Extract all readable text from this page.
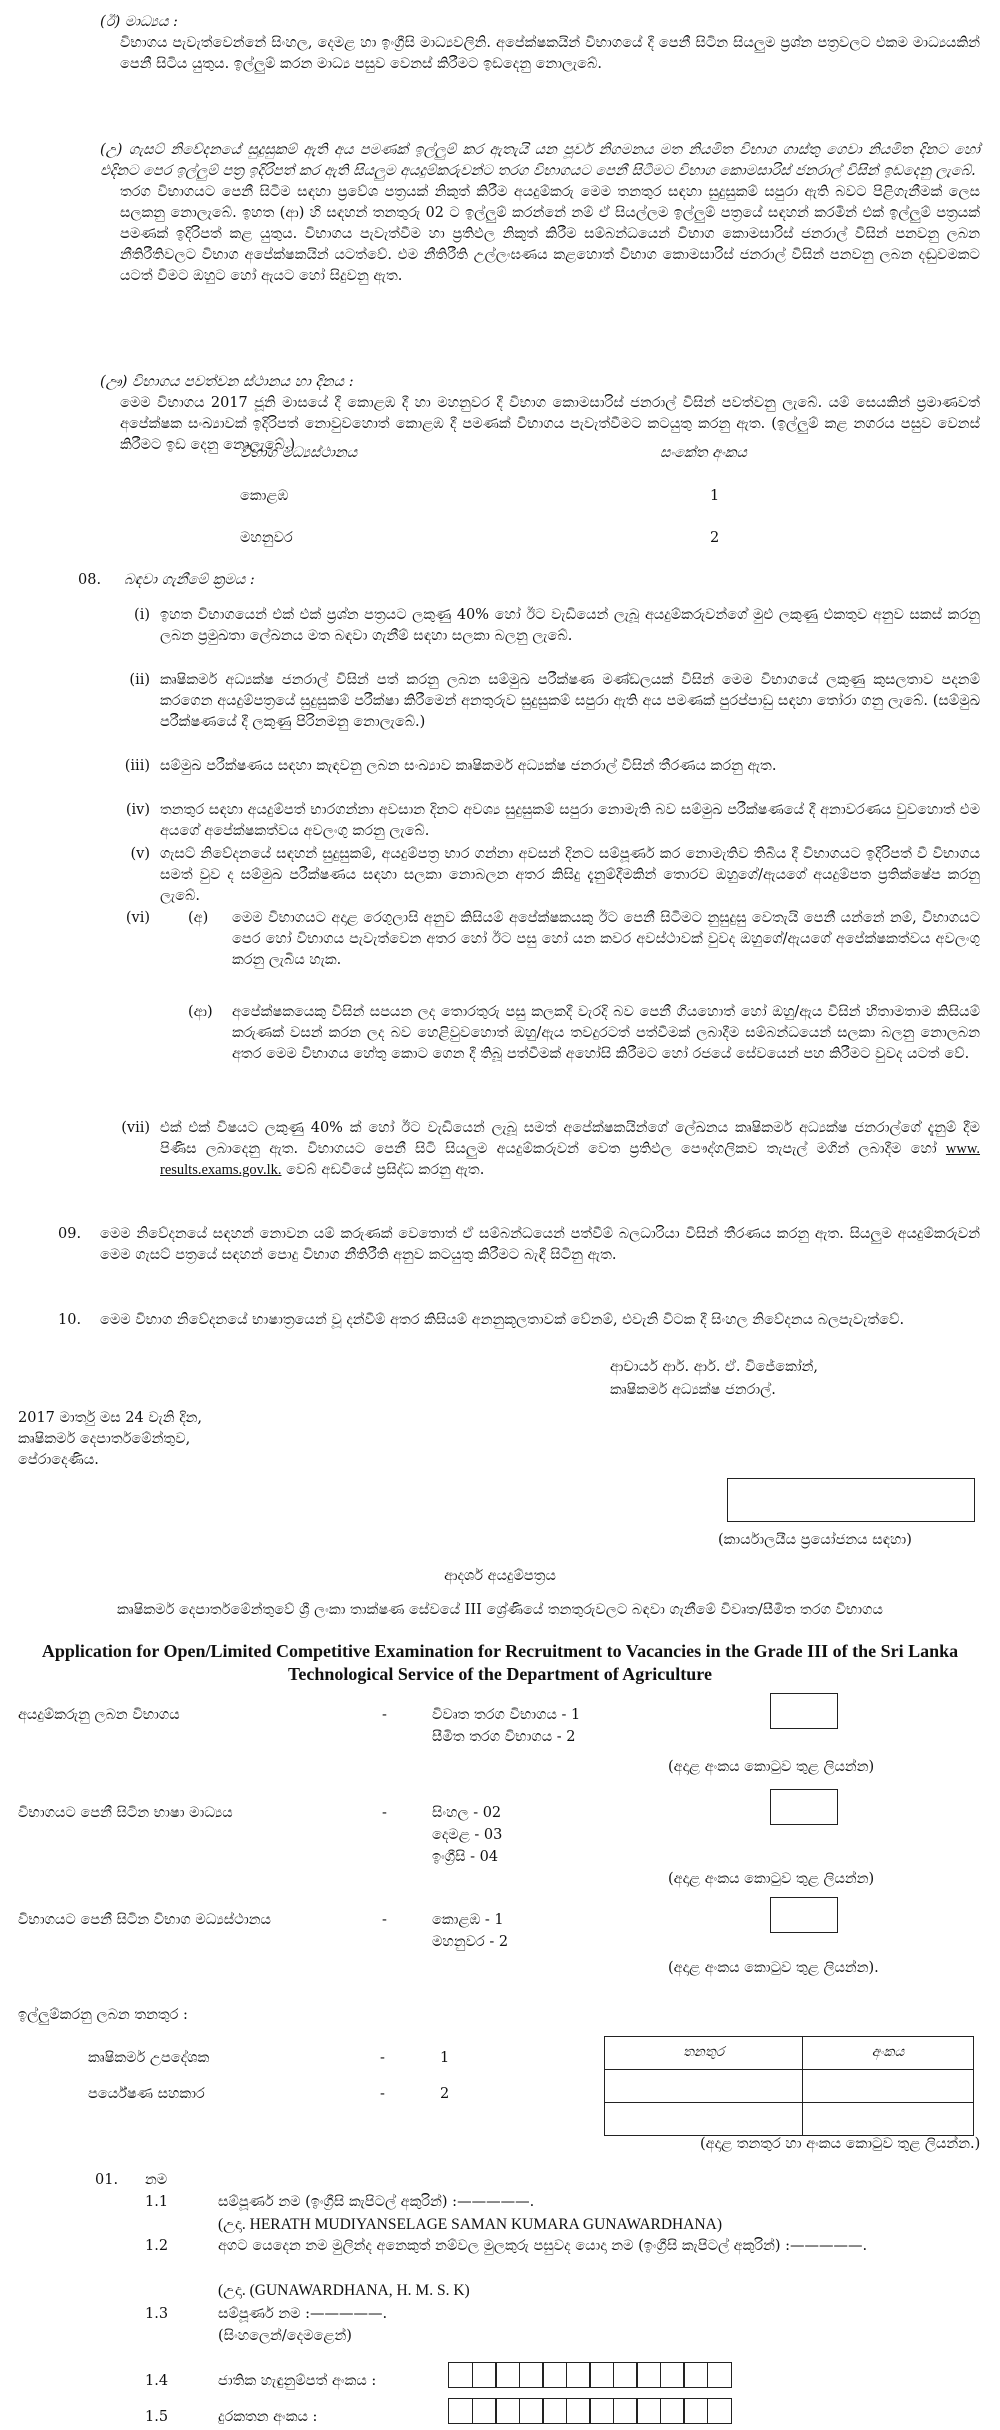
(ඊ) මාධ්‍යය :
විභාගය පැවැත්වෙන්නේ සිංහල, දෙමළ හා ඉංග්‍රීසි මාධ්‍යවලිනි. අපේක්ෂකයින් විභාගයේ දී පෙනී සිටින සියලුම ප්‍රශ්න පත්‍රවලට එකම මාධ්‍යයකින් පෙනී සිටිය යුතුය. ඉල්ලුම් කරන මාධ්‍ය පසුව වෙනස් කිරීමට ඉඩදෙනු නොලැබේ.
(උ) ගැසට් නිවේදනයේ සුදුසුකම් ඇති අය පමණක් ඉල්ලුම් කර ඇතැයි යන පූර්ව නිගමනය මත නියමිත විභාග ගාස්තු ගෙවා නියමිත දිනට හෝ එදිනට පෙර ඉල්ලුම් පත්‍ර ඉදිරිපත් කර ඇති සියලුම අයදුම්කරුවන්ට තරග විභාගයට පෙනී සිටීමට විභාග කොමසාරිස් ජනරාල් විසින් ඉඩදෙනු ලැබේ.
තරග විභාගයට පෙනී සිටීම සඳහා ප්‍රවේශ පත්‍රයක් නිකුත් කිරීම අයදුම්කරු මෙම තනතුර සඳහා සුදුසුකම් සපුරා ඇති බවට පිළිගැනීමක් ලෙස සලකනු නොලැබේ. ඉහත (ආ) හි සඳහන් තනතුරු 02 ට ඉල්ලුම් කරන්නේ නම් ඒ සියල්ලම ඉල්ලුම් පත්‍රයේ සඳහන් කරමින් එක් ඉල්ලුම් පත්‍රයක් පමණක් ඉදිරිපත් කළ යුතුය. විභාගය පැවැත්වීම හා ප්‍රතිඵල නිකුත් කිරීම සම්බන්ධයෙන් විභාග කොමසාරිස් ජනරාල් විසින් පනවනු ලබන නීතිරීතිවලට විභාග අපේක්ෂකයින් යටත්වේ. එම නීතිරීති උල්ලංඝණය කළහොත් විභාග කොමසාරිස් ජනරාල් විසින් පනවනු ලබන දඬුවමකට යටත් වීමට ඔහුට හෝ ඇයට හෝ සිදුවනු ඇත.
(ඌ) විභාගය පවත්වන ස්ථානය හා දිනය :
මෙම විභාගය 2017 ජූනි මාසයේ දී කොළඹ දී හා මහනුවර දී විභාග කොමසාරිස් ජනරාල් විසින් පවත්වනු ලැබේ. යම් සෙයකින් ප්‍රමාණවත් අපේක්ෂක සංඛ්‍යාවක් ඉදිරිපත් නොවුවහොත් කොළඹ දී පමණක් විභාගය පැවැත්වීමට කටයුතු කරනු ඇත. (ඉල්ලුම් කළ නගරය පසුව වෙනස් කිරීමට ඉඩ දෙනු නොලැබේ.)
විභාග මධ්‍යස්ථානය	සංකේත අංකය
කොළඹ	1
මහනුවර	2
08. බඳවා ගැනීමේ ක්‍රමය :
(i) ඉහත විභාගයෙන් එක් එක් ප්‍රශ්න පත්‍රයට ලකුණු 40% හෝ ඊට වැඩියෙන් ලැබූ අයදුම්කරුවන්ගේ මුළු ලකුණු එකතුව අනුව සකස් කරනු ලබන ප්‍රමුඛතා ලේඛනය මත බඳවා ගැනීම් සඳහා සලකා බලනු ලැබේ.
(ii) කෘෂිකර්ම අධ්‍යක්ෂ ජනරාල් විසින් පත් කරනු ලබන සම්මුඛ පරීක්ෂණ මණ්ඩලයක් විසින් මෙම විභාගයේ ලකුණු කුසලතාව පදනම් කරගෙන අයදුම්පත්‍රයේ සුදුසුකම් පරීක්ෂා කිරීමෙන් අනතුරුව සුදුසුකම් සපුරා ඇති අය පමණක් පුරප්පාඩු සඳහා තෝරා ගනු ලැබේ. (සම්මුඛ පරීක්ෂණයේ දී ලකුණු පිරිනමනු නොලැබේ.)
(iii) සම්මුඛ පරීක්ෂණය සඳහා කැඳවනු ලබන සංඛ්‍යාව කෘෂිකර්ම අධ්‍යක්ෂ ජනරාල් විසින් තීරණය කරනු ඇත.
(iv) තනතුර සඳහා අයදුම්පත් භාරගන්නා අවසාන දිනට අවශ්‍ය සුදුසුකම් සපුරා නොමැති බව සම්මුඛ පරීක්ෂණයේ දී අනාවරණය වුවහොත් එම අයගේ අපේක්ෂකත්වය අවලංගු කරනු ලැබේ.
(v) ගැසට් නිවේදනයේ සඳහන් සුදුසුකම්, අයදුම්පත්‍ර භාර ගන්නා අවසන් දිනට සම්පූර්ණ කර නොමැතිව තිබිය දී විභාගයට ඉදිරිපත් වී විභාගය සමත් වුව ද සම්මුඛ පරීක්ෂණය සඳහා සලකා නොබලන අතර කිසිදු දැනුම්දීමකින් තොරව ඔහුගේ/ඇයගේ අයදුම්පත ප්‍රතික්ෂේප කරනු ලැබේ.
(vi)	(අ) මෙම විභාගයට අදාළ රෙගුලාසි අනුව කිසියම් අපේක්ෂකයකු ඊට පෙනී සිටීමට නුසුදුසු වෙතැයි පෙනී යන්නේ නම්, විභාගයට පෙර හෝ විභාගය පැවැත්වෙන අතර හෝ ඊට පසු හෝ යන කවර අවස්ථාවක් වුවද ඔහුගේ/ඇයගේ අපේක්ෂකත්වය අවලංගු කරනු ලැබිය හැක.
(ආ) අපේක්ෂකයෙකු විසින් සපයන ලද තොරතුරු පසු කලකදී වැරදි බව පෙනී ගියහොත් හෝ ඔහු/ඇය විසින් හිතාමතාම කිසියම් කරුණක් වසන් කරන ලද බව හෙළිවුවහොත් ඔහු/ඇය තවදුරටත් පත්වීමක් ලබාදීම සම්බන්ධයෙන් සලකා බලනු නොලබන අතර මෙම විභාගය හේතු කොට ගෙන දී තිබූ පත්වීමක් අහෝසි කිරීමට හෝ රජයේ සේවයෙන් පහ කිරීමට වුවද යටත් වේ.
(vii) එක් එක් විෂයට ලකුණු 40% ක් හෝ ඊට වැඩියෙන් ලැබූ සමත් අපේක්ෂකයින්ගේ ලේඛනය කෘෂිකර්ම අධ්‍යක්ෂ ජනරාල්ගේ දැනුම් දීම පිණිස ලබාදෙනු ඇත. විභාගයට පෙනී සිටි සියලුම අයදුම්කරුවන් වෙත ප්‍රතිඵල පෞද්ගලිකව තැපැල් මගින් ලබාදීම හෝ www. results.exams.gov.lk. වෙබ් අඩවියේ ප්‍රසිද්ධ කරනු ඇත.
09. මෙම නිවේදනයේ සඳහන් නොවන යම් කරුණක් වෙතොත් ඒ සම්බන්ධයෙන් පත්වීම් බලධාරියා විසින් තීරණය කරනු ඇත. සියලුම අයදුම්කරුවන් මෙම ගැසට් පත්‍රයේ සඳහන් පොදු විභාග නීතිරීති අනුව කටයුතු කිරීමට බැඳී සිටිනු ඇත.
10. මෙම විභාග නිවේදනයේ භාෂාත්‍රයෙන් වූ දන්වීම් අතර කිසියම් අනනුකූලතාවක් වේනම්, එවැනි විටක දී සිංහල නිවේදනය බලපැවැත්වේ.
ආචාර්ය ආර්. ආර්. ඒ. විජේකෝන්,
කෘෂිකර්ම අධ්‍යක්ෂ ජනරාල්.
2017 මාර්තු මස 24 වැනි දින,
කෘෂිකර්ම දෙපාර්තමේන්තුව,
පේරාදෙණිය.
(කාර්යාලයීය ප්‍රයෝජනය සඳහා)
ආදර්ශ අයදුම්පත්‍රය
කෘෂිකර්ම දෙපාර්තමේන්තුවේ ශ්‍රී ලංකා තාක්ෂණ සේවයේ III ශ්‍රේණියේ තනතුරුවලට බඳවා ගැනීමේ විවෘත/සීමිත තරග විභාගය
Application for Open/Limited Competitive Examination for Recruitment to Vacancies in the Grade III of the Sri Lanka Technological Service of the Department of Agriculture
අයදුම්කරුනු ලබන විභාගය	-	විවෘත තරග විභාගය - 1
සීමිත තරග විභාගය - 2
(අදාළ අංකය කොටුව තුළ ලියන්න)
විභාගයට පෙනී සිටින භාෂා මාධ්‍යය	-	සිංහල - 02
දෙමළ - 03
ඉංග්‍රීසි - 04
(අදාළ අංකය කොටුව තුළ ලියන්න)
විභාගයට පෙනී සිටින විභාග මධ්‍යස්ථානය	-	කොළඹ - 1
මහනුවර - 2
(අදාළ අංකය කොටුව තුළ ලියන්න).
ඉල්ලුම්කරනු ලබන තනතුර :
කෘෂිකර්ම උපදේශක	-	1
පර්යේෂණ සහකාර	-	2
තනතුර	අංකය

(අදාළ තනතුර හා අංකය කොටුව තුළ ලියන්න.)
01. නම
1.1	සම්පූර්ණ නම (ඉංග්‍රීසි කැපිටල් අකුරින්) :—————.
(උදා. HERATH MUDIYANSELAGE SAMAN KUMARA GUNAWARDHANA)
1.2	අගට යෙදෙන නම මුලින්ද අනෙකුත් නම්වල මුලකුරු පසුවද යොදා නම (ඉංග්‍රීසි කැපිටල් අකුරින්) :—————.
(උදා. (GUNAWARDHANA, H. M. S. K)
1.3	සම්පූර්ණ නම :—————.
(සිංහලෙන්/දෙමළෙන්)
1.4	ජාතික හැඳුනුම්පත් අංකය :
1.5	දුරකතන අංකය :
